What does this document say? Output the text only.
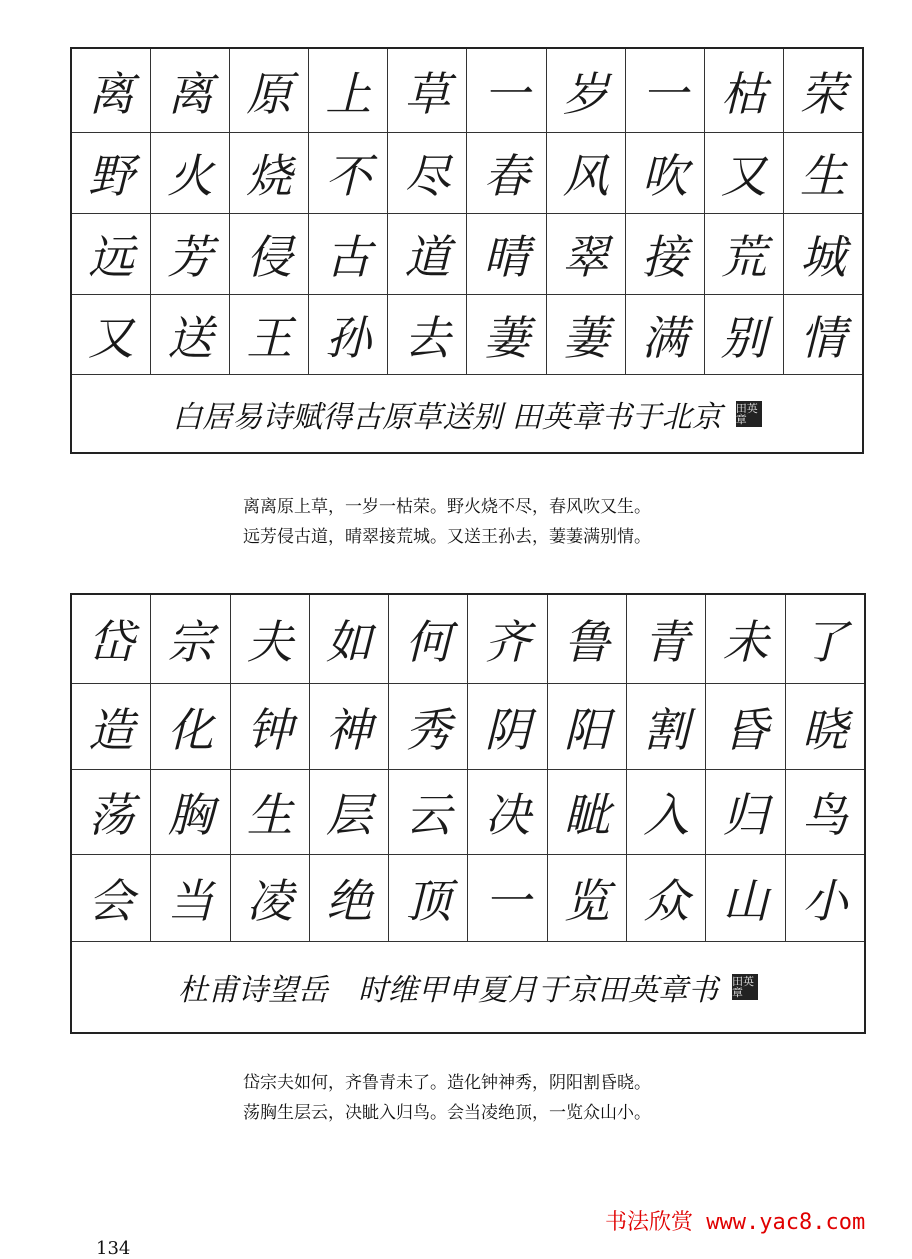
离 离 原 上 草 一 岁 一 枯 荣
野 火 烧 不 尽 春 风 吹 又 生
远 芳 侵 古 道 晴 翠 接 荒 城
又 送 王 孙 去 萋 萋 满 别 情
白居易诗赋得古原草送别 田英章书于北京 田英章
离离原上草，一岁一枯荣。野火烧不尽，春风吹又生。
远芳侵古道，晴翠接荒城。又送王孙去，萋萋满别情。
岱 宗 夫 如 何 齐 鲁 青 未 了
造 化 钟 神 秀 阴 阳 割 昏 晓
荡 胸 生 层 云 决 眦 入 归 鸟
会 当 凌 绝 顶 一 览 众 山 小
杜甫诗望岳　时维甲申夏月于京田英章书 田英章
岱宗夫如何，齐鲁青未了。造化钟神秀，阴阳割昏晓。
荡胸生层云，决眦入归鸟。会当凌绝顶，一览众山小。
书法欣赏 www.yac8.com
134
